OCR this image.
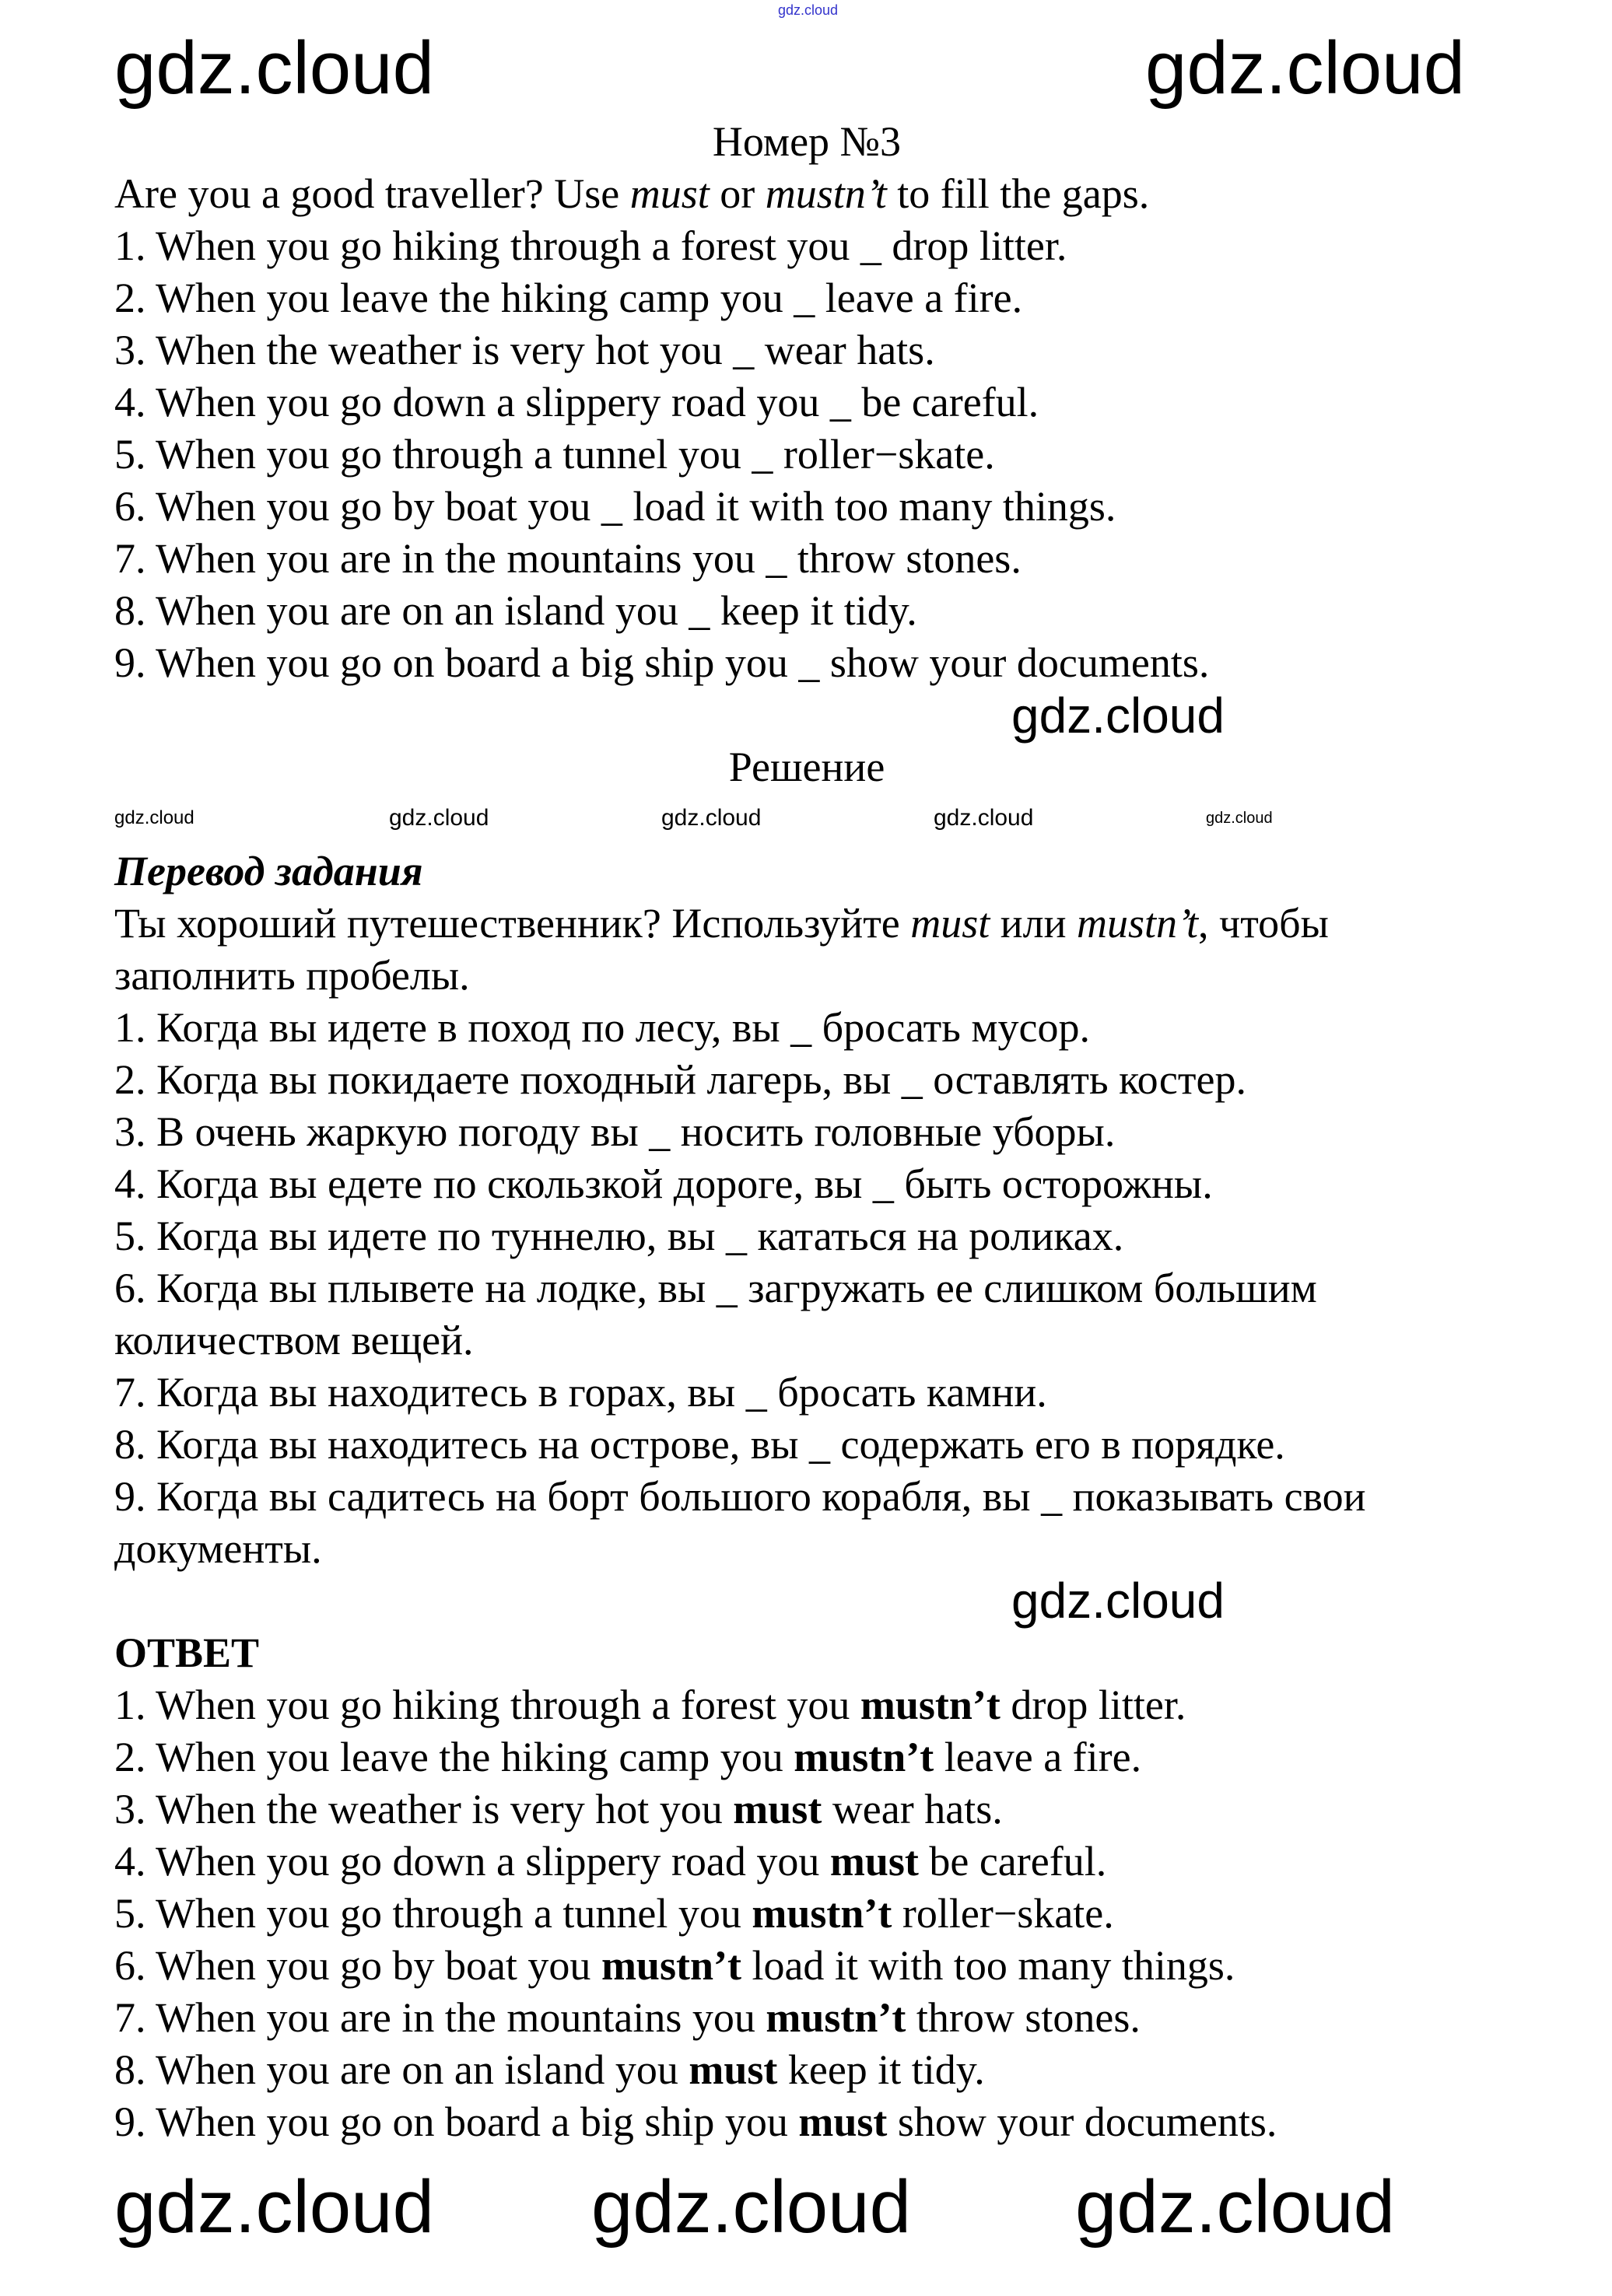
Номер №3
Are you a good traveller? Use must or mustn’t to fill the gaps.
1. When you go hiking through a forest you _ drop litter.
2. When you leave the hiking camp you _ leave a fire.
3. When the weather is very hot you _ wear hats.
4. When you go down a slippery road you _ be careful.
5. When you go through a tunnel you _ roller−skate.
6. When you go by boat you _ load it with too many things.
7. When you are in the mountains you _ throw stones.
8. When you are on an island you _ keep it tidy.
9. When you go on board a big ship you _ show your documents.
Решение
Перевод задания
Ты хороший путешественник? Используйте must или mustn’t, чтобы
заполнить пробелы.
1. Когда вы идете в поход по лесу, вы _ бросать мусор.
2. Когда вы покидаете походный лагерь, вы _ оставлять костер.
3. В очень жаркую погоду вы _ носить головные уборы.
4. Когда вы едете по скользкой дороге, вы _ быть осторожны.
5. Когда вы идете по туннелю, вы _ кататься на роликах.
6. Когда вы плывете на лодке, вы _ загружать ее слишком большим
количеством вещей.
7. Когда вы находитесь в горах, вы _ бросать камни.
8. Когда вы находитесь на острове, вы _ содержать его в порядке.
9. Когда вы садитесь на борт большого корабля, вы _ показывать свои
документы.
ОТВЕТ
1. When you go hiking through a forest you mustn’t drop litter.
2. When you leave the hiking camp you mustn’t leave a fire.
3. When the weather is very hot you must wear hats.
4. When you go down a slippery road you must be careful.
5. When you go through a tunnel you mustn’t roller−skate.
6. When you go by boat you mustn’t load it with too many things.
7. When you are in the mountains you mustn’t throw stones.
8. When you are on an island you must keep it tidy.
9. When you go on board a big ship you must show your documents.
gdz.cloud
gdz.cloud	gdz.cloud
gdz.cloud gdz.cloud gdz.cloud
gdz.cloud
gdz.cloud
gdz.cloud	gdz.cloud	gdz.cloud	gdz.cloud	gdz.cloud
